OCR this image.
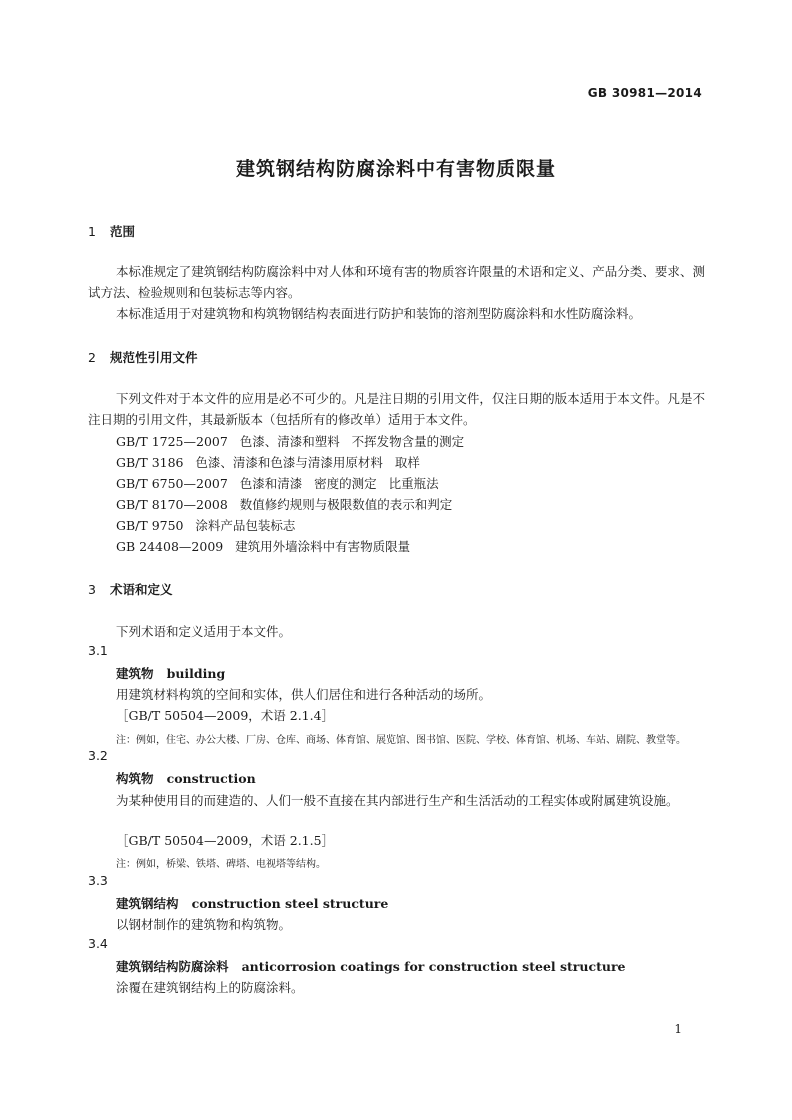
GB 30981—2014
建筑钢结构防腐涂料中有害物质限量
1 范围
本标准规定了建筑钢结构防腐涂料中对人体和环境有害的物质容许限量的术语和定义、产品分类、要求、测试方法、检验规则和包装标志等内容。
本标准适用于对建筑物和构筑物钢结构表面进行防护和装饰的溶剂型防腐涂料和水性防腐涂料。
2 规范性引用文件
下列文件对于本文件的应用是必不可少的。凡是注日期的引用文件，仅注日期的版本适用于本文件。凡是不注日期的引用文件，其最新版本（包括所有的修改单）适用于本文件。
GB/T 1725—2007   色漆、清漆和塑料   不挥发物含量的测定
GB/T 3186   色漆、清漆和色漆与清漆用原材料   取样
GB/T 6750—2007   色漆和清漆   密度的测定   比重瓶法
GB/T 8170—2008   数值修约规则与极限数值的表示和判定
GB/T 9750   涂料产品包装标志
GB 24408—2009   建筑用外墙涂料中有害物质限量
3 术语和定义
下列术语和定义适用于本文件。
3.1
建筑物 building
用建筑材料构筑的空间和实体，供人们居住和进行各种活动的场所。
［GB/T 50504—2009，术语 2.1.4］
注：例如，住宅、办公大楼、厂房、仓库、商场、体育馆、展览馆、图书馆、医院、学校、体育馆、机场、车站、剧院、教堂等。
3.2
构筑物 construction
为某种使用目的而建造的、人们一般不直接在其内部进行生产和生活活动的工程实体或附属建筑设施。
［GB/T 50504—2009，术语 2.1.5］
注：例如，桥梁、铁塔、碑塔、电视塔等结构。
3.3
建筑钢结构 construction steel structure
以钢材制作的建筑物和构筑物。
3.4
建筑钢结构防腐涂料 anticorrosion coatings for construction steel structure
涂覆在建筑钢结构上的防腐涂料。
1
